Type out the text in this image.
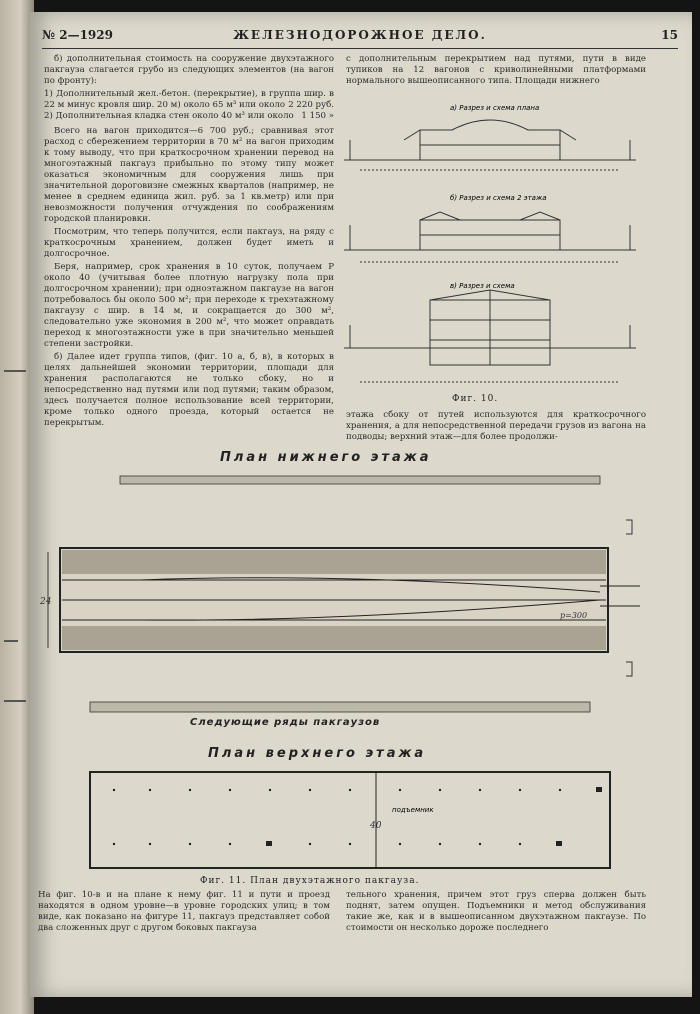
№ 2—1929	ЖЕЛЕЗНОДОРОЖНОЕ ДЕЛО.	15

б) дополнительная стоимость на сооружение двухэтажного пакгауза слагается грубо из следующих элементов (на вагон по фронту):

1) Дополнительный жел.-бетон. (перекрытие), в группа шир. в 22 м минус кровля шир. 20 м) около 65 м³ или около 2 220 руб.
2) Дополнительная кладка стен около 40 м³ или около 1 150 »

Всего на вагон приходится—6 700 руб.; сравнивая этот расход с сбережением территории в 70 м² на вагон приходим к тому выводу, что при краткосрочном хранении перевод на многоэтажный пакгауз прибыльно по этому типу может оказаться экономичным для сооружения лишь при значительной дороговизне смежных кварталов (например, не менее в среднем единица жил. руб. за 1 кв.метр) или при невозможности получения отчуждения по соображениям городской планировки.

Посмотрим, что теперь получится, если пакгауз, на ряду с краткосрочным хранением, должен будет иметь и долгосрочное.

Беря, например, срок хранения в 10 суток, получаем P около 40 (учитывая более плотную нагрузку пола при долгосрочном хранении); при одноэтажном пакгаузе на вагон потребовалось бы около 500 м²; при переходе к трехэтажному пакгаузу с шир. в 14 м, и сокращается до 300 м², следовательно уже экономия в 200 м², что может оправдать переход к многоэтажности уже в при значительно меньшей степени застройки.

б) Далее идет группа типов, (фиг. 10 а, б, в), в которых в целях дальнейшей экономии территории, площади для хранения располагаются не только сбоку, но и непосредственно над путями или под путями; таким образом, здесь получается полное использование всей территории, кроме только одного проезда, который остается не перекрытым.

с дополнительным перекрытием над путями, пути в виде тупиков на 12 вагонов с криволинейными платформами нормального вышеописанного типа. Площади нижнего

а) Разрез и схема плана
б) Разрез и схема 2 этажа
в) Разрез и схема
Фиг. 10.

этажа сбоку от путей используются для краткосрочного хранения, а для непосредственной передачи грузов из вагона на подводы; верхний этаж—для более продолжи-

План нижнего этажа
24
р=300
40
подъемник
Следующие ряды пакгаузов
План верхнего этажа
Фиг. 11. План двухэтажного пакгауза.

На фиг. 10-в и на плане к нему фиг. 11 и пути и проезд находятся в одном уровне—в уровне городских улиц; в том виде, как показано на фигуре 11, пакгауз представляет собой два сложенных друг с другом боковых пакгауза

тельного хранения, причем этот груз сперва должен быть поднят, затем опущен. Подъемники и метод обслуживания такие же, как и в вышеописанном двухэтажном пакгаузе. По стоимости он несколько дороже последнего
